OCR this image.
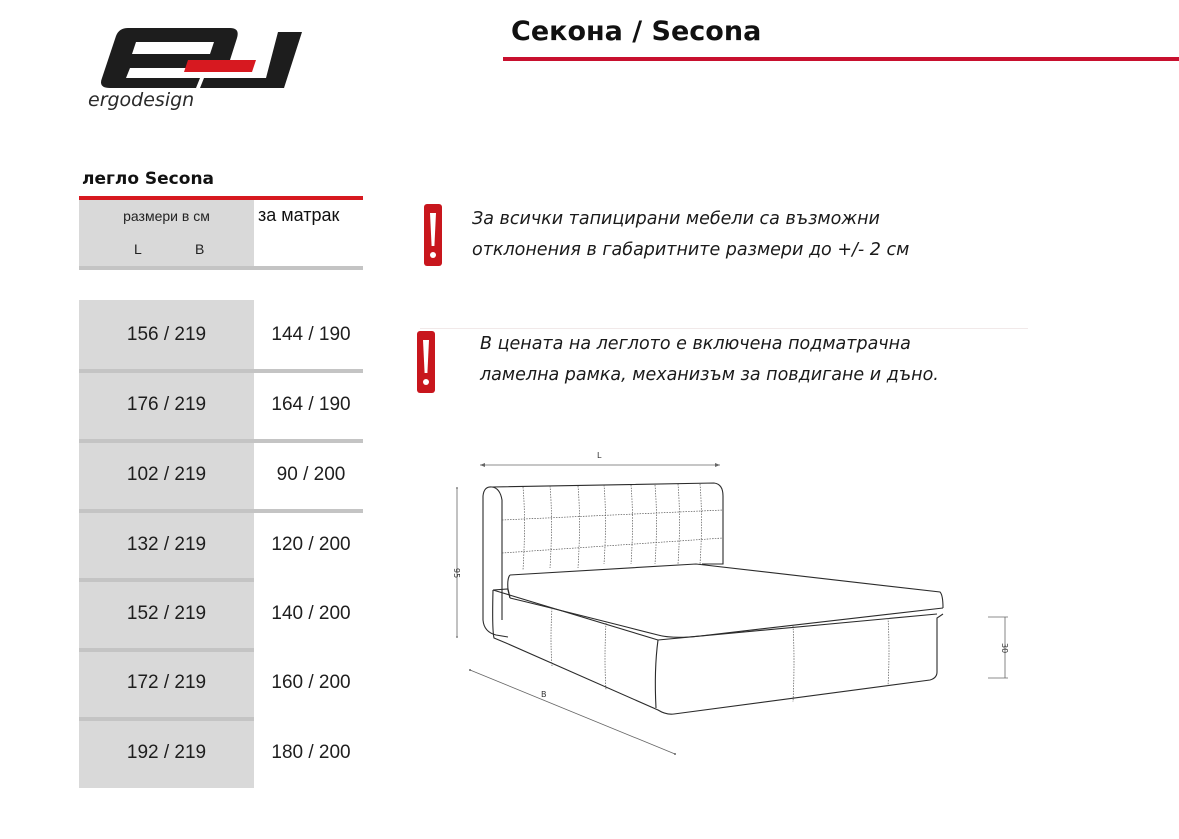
ergodesign
Секона / Secona
легло Secona
размери в см
L	B
за матрак
156 / 219	144 / 190
176 / 219	164 / 190
102 / 219	90 / 200
132 / 219	120 / 200
152 / 219	140 / 200
172 / 219	160 / 200
192 / 219	180 / 200
За всички тапицирани мебели са възможни
отклонения в габаритните размери до +/- 2 см
В цената на леглото е включена подматрачна
ламелна рамка, механизъм за повдигане и дъно.
L
95
B
30
